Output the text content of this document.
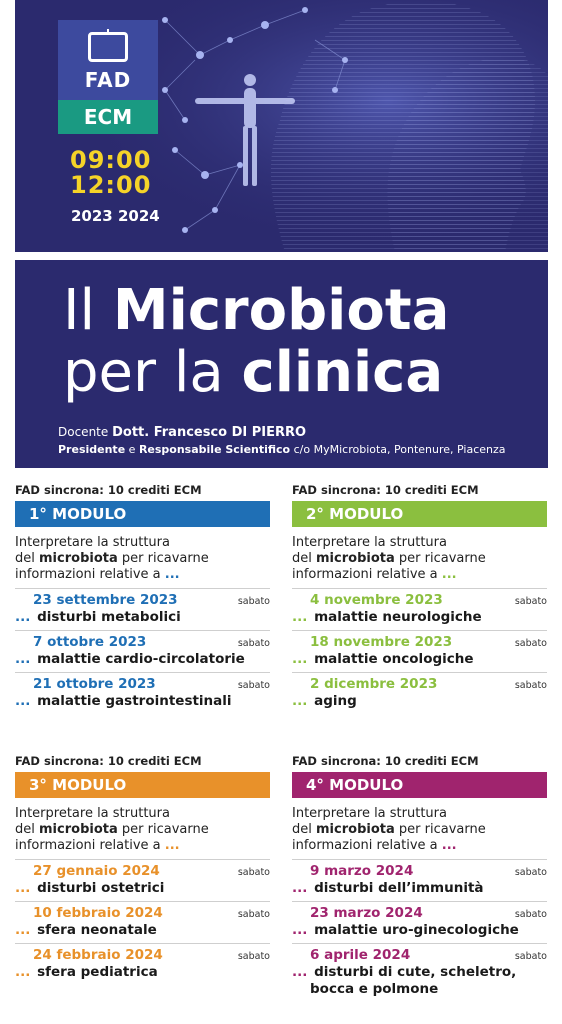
FAD
ECM
09:00
12:00
2023 2024
Il Microbiota
per la clinica
Docente Dott. Francesco DI PIERRO
Presidente e Responsabile Scientifico c/o MyMicrobiota, Pontenure, Piacenza
FAD sincrona: 10 crediti ECM
1° MODULO
Interpretare la struttura
del microbiota per ricavarne
informazioni relative a ...
23 settembre 2023	sabato
... disturbi metabolici
7 ottobre 2023	sabato
... malattie cardio-circolatorie
21 ottobre 2023	sabato
... malattie gastrointestinali
FAD sincrona: 10 crediti ECM
2° MODULO
Interpretare la struttura
del microbiota per ricavarne
informazioni relative a ...
4 novembre 2023	sabato
... malattie neurologiche
18 novembre 2023	sabato
... malattie oncologiche
2 dicembre 2023	sabato
... aging
FAD sincrona: 10 crediti ECM
3° MODULO
Interpretare la struttura
del microbiota per ricavarne
informazioni relative a ...
27 gennaio 2024	sabato
... disturbi ostetrici
10 febbraio 2024	sabato
... sfera neonatale
24 febbraio 2024	sabato
... sfera pediatrica
FAD sincrona: 10 crediti ECM
4° MODULO
Interpretare la struttura
del microbiota per ricavarne
informazioni relative a ...
9 marzo 2024	sabato
... disturbi dell’immunità
23 marzo 2024	sabato
... malattie uro-ginecologiche
6 aprile 2024	sabato
... disturbi di cute, scheletro,
bocca e polmone
